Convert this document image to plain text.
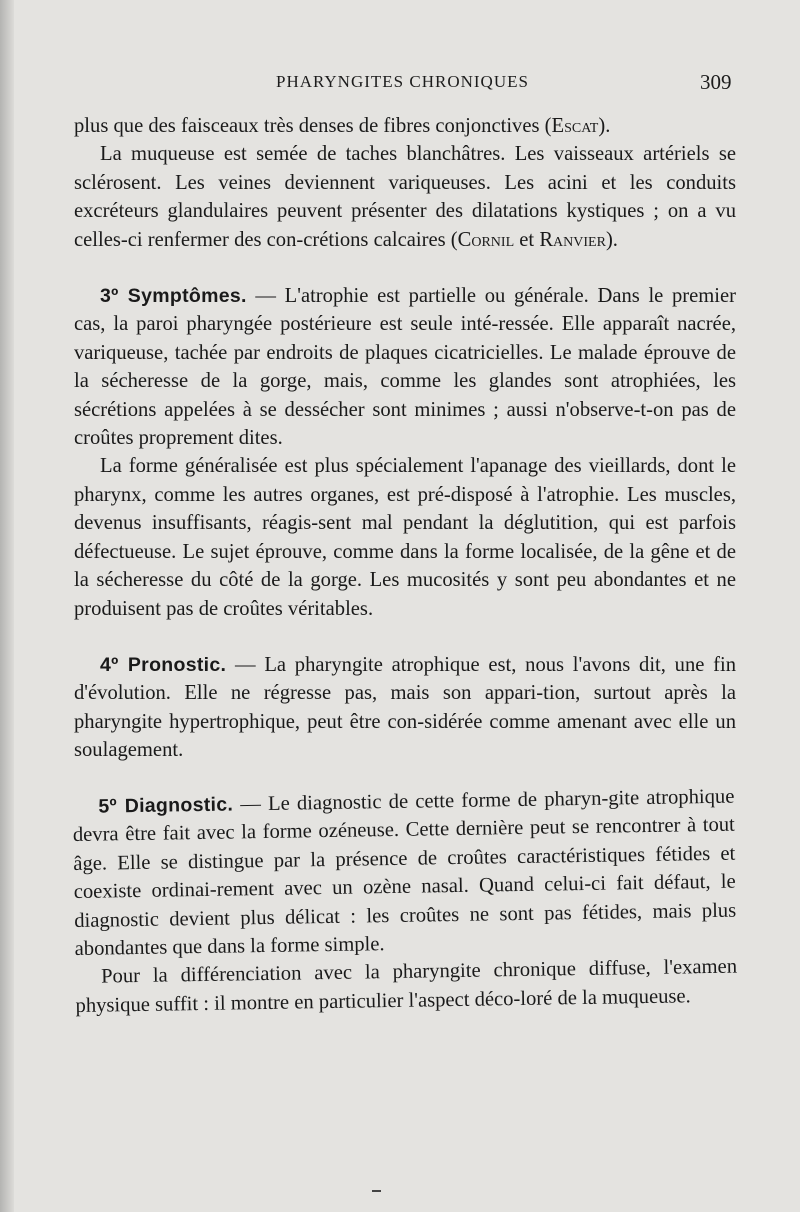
PHARYNGITES CHRONIQUES	309

plus que des faisceaux très denses de fibres conjonctives (Escat).

La muqueuse est semée de taches blanchâtres. Les vaisseaux artériels se sclérosent. Les veines deviennent variqueuses. Les acini et les conduits excréteurs glandulaires peuvent présenter des dilatations kystiques ; on a vu celles-ci renfermer des con-crétions calcaires (Cornil et Ranvier).

3º Symptômes. — L'atrophie est partielle ou générale. Dans le premier cas, la paroi pharyngée postérieure est seule inté-ressée. Elle apparaît nacrée, variqueuse, tachée par endroits de plaques cicatricielles. Le malade éprouve de la sécheresse de la gorge, mais, comme les glandes sont atrophiées, les sécrétions appelées à se dessécher sont minimes ; aussi n'observe-t-on pas de croûtes proprement dites.

La forme généralisée est plus spécialement l'apanage des vieillards, dont le pharynx, comme les autres organes, est pré-disposé à l'atrophie. Les muscles, devenus insuffisants, réagis-sent mal pendant la déglutition, qui est parfois défectueuse. Le sujet éprouve, comme dans la forme localisée, de la gêne et de la sécheresse du côté de la gorge. Les mucosités y sont peu abondantes et ne produisent pas de croûtes véritables.

4º Pronostic. — La pharyngite atrophique est, nous l'avons dit, une fin d'évolution. Elle ne régresse pas, mais son appari-tion, surtout après la pharyngite hypertrophique, peut être con-sidérée comme amenant avec elle un soulagement.

5º Diagnostic. — Le diagnostic de cette forme de pharyn-gite atrophique devra être fait avec la forme ozéneuse. Cette dernière peut se rencontrer à tout âge. Elle se distingue par la présence de croûtes caractéristiques fétides et coexiste ordinai-rement avec un ozène nasal. Quand celui-ci fait défaut, le diagnostic devient plus délicat : les croûtes ne sont pas fétides, mais plus abondantes que dans la forme simple.

Pour la différenciation avec la pharyngite chronique diffuse, l'examen physique suffit : il montre en particulier l'aspect déco-loré de la muqueuse.
